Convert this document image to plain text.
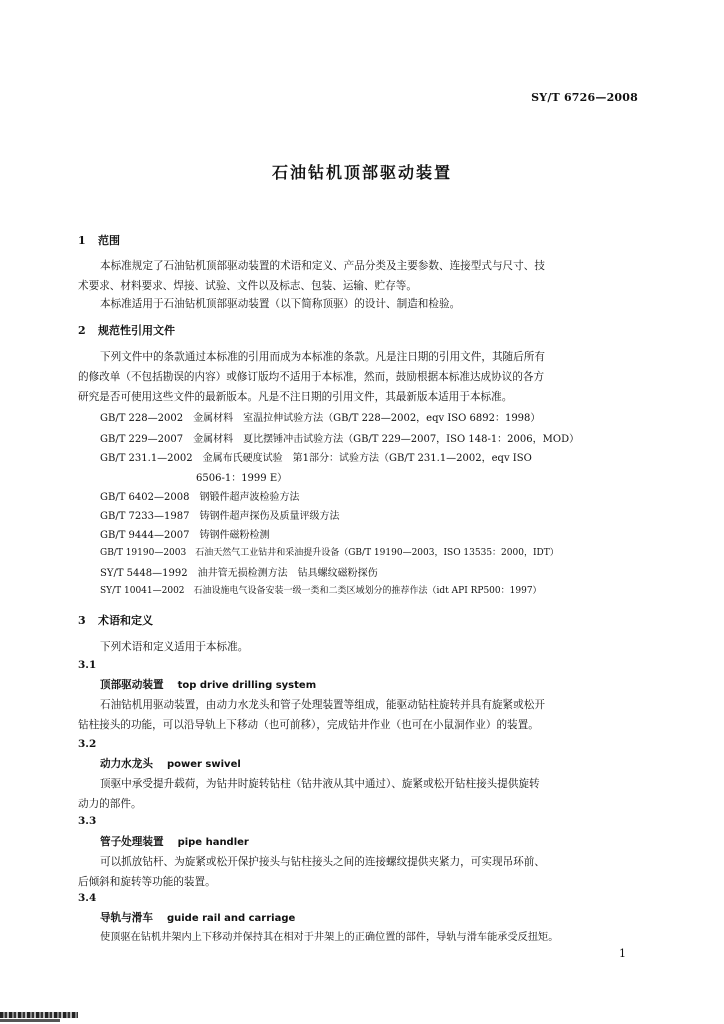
SY/T 6726—2008
石油钻机顶部驱动装置
1 范围
本标准规定了石油钻机顶部驱动装置的术语和定义、产品分类及主要参数、连接型式与尺寸、技
术要求、材料要求、焊接、试验、文件以及标志、包装、运输、贮存等。
本标准适用于石油钻机顶部驱动装置（以下简称顶驱）的设计、制造和检验。
2 规范性引用文件
下列文件中的条款通过本标准的引用而成为本标准的条款。凡是注日期的引用文件，其随后所有
的修改单（不包括勘误的内容）或修订版均不适用于本标准，然而，鼓励根据本标准达成协议的各方
研究是否可使用这些文件的最新版本。凡是不注日期的引用文件，其最新版本适用于本标准。
GB/T 228—2002　金属材料　室温拉伸试验方法（GB/T 228—2002，eqv ISO 6892：1998）
GB/T 229—2007　金属材料　夏比摆锤冲击试验方法（GB/T 229—2007，ISO 148-1：2006，MOD）
GB/T 231.1—2002　金属布氏硬度试验　第1部分：试验方法（GB/T 231.1—2002，eqv ISO
6506-1：1999 E）
GB/T 6402—2008　钢锻件超声波检验方法
GB/T 7233—1987　铸钢件超声探伤及质量评级方法
GB/T 9444—2007　铸钢件磁粉检测
GB/T 19190—2003　石油天然气工业钻井和采油提升设备（GB/T 19190—2003，ISO 13535：2000，IDT）
SY/T 5448—1992　油井管无损检测方法　钻具螺纹磁粉探伤
SY/T 10041—2002　石油设施电气设备安装一级一类和二类区域划分的推荐作法（idt API RP500：1997）
3 术语和定义
下列术语和定义适用于本标准。
3.1
顶部驱动装置 top drive drilling system
石油钻机用驱动装置，由动力水龙头和管子处理装置等组成，能驱动钻柱旋转并具有旋紧或松开
钻柱接头的功能，可以沿导轨上下移动（也可前移），完成钻井作业（也可在小鼠洞作业）的装置。
3.2
动力水龙头 power swivel
顶驱中承受提升载荷，为钻井时旋转钻柱（钻井液从其中通过）、旋紧或松开钻柱接头提供旋转
动力的部件。
3.3
管子处理装置 pipe handler
可以抓放钻杆、为旋紧或松开保护接头与钻柱接头之间的连接螺纹提供夹紧力，可实现吊环前、
后倾斜和旋转等功能的装置。
3.4
导轨与滑车 guide rail and carriage
使顶驱在钻机井架内上下移动并保持其在相对于井架上的正确位置的部件，导轨与滑车能承受反扭矩。
1
